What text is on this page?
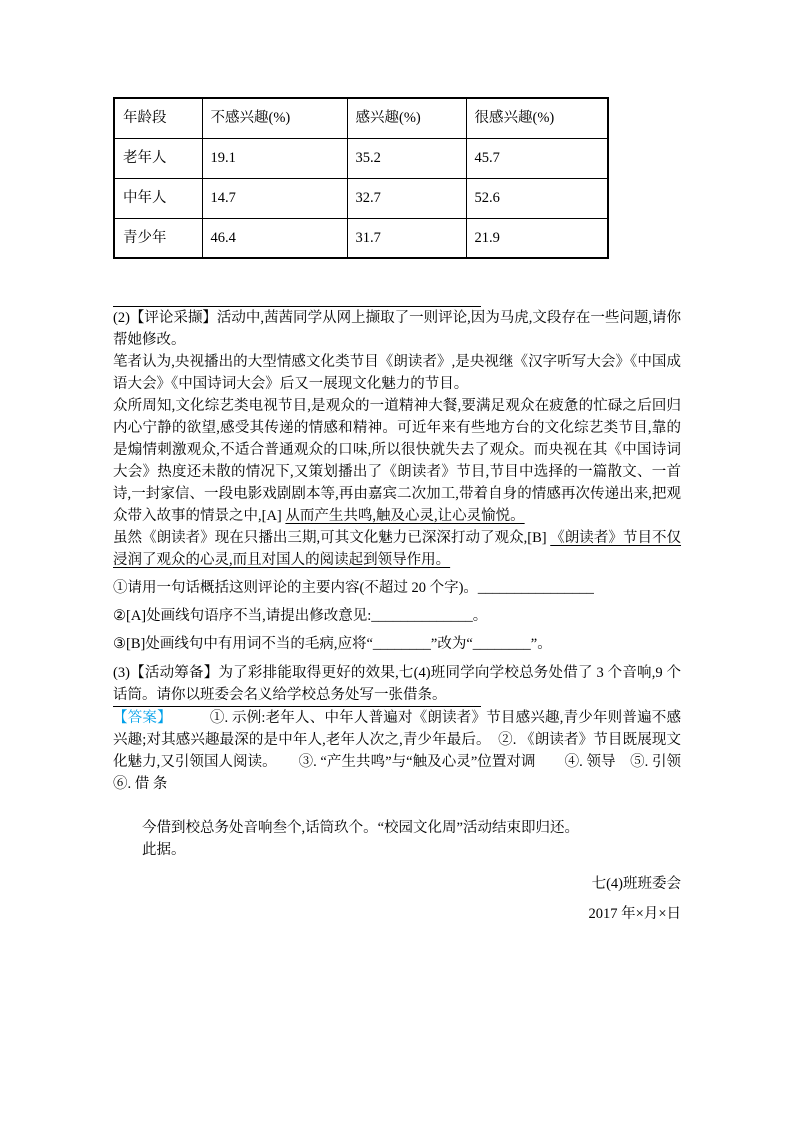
年龄段	不感兴趣(%)	感兴趣(%)	很感兴趣(%)
老年人	19.1	35.2	45.7
中年人	14.7	32.7	52.6
青少年	46.4	31.7	21.9

(2)【评论采撷】活动中,茜茜同学从网上撷取了一则评论,因为马虎,文段存在一些问题,请你帮她修改。

笔者认为,央视播出的大型情感文化类节目《朗读者》,是央视继《汉字听写大会》《中国成语大会》《中国诗词大会》后又一展现文化魅力的节目。

众所周知,文化综艺类电视节目,是观众的一道精神大餐,要满足观众在疲惫的忙碌之后回归内心宁静的欲望,感受其传递的情感和精神。可近年来有些地方台的文化综艺类节目,靠的是煽情刺激观众,不适合普通观众的口味,所以很快就失去了观众。而央视在其《中国诗词大会》热度还未散的情况下,又策划播出了《朗读者》节目,节目中选择的一篇散文、一首诗,一封家信、一段电影戏剧剧本等,再由嘉宾二次加工,带着自身的情感再次传递出来,把观众带入故事的情景之中,[A] 从而产生共鸣,触及心灵,让心灵愉悦。

虽然《朗读者》现在只播出三期,可其文化魅力已深深打动了观众,[B] 《朗读者》节目不仅浸润了观众的心灵,而且对国人的阅读起到领导作用。

①请用一句话概括这则评论的主要内容(不超过 20 个字)。________________

②[A]处画线句语序不当,请提出修改意见:______________。

③[B]处画线句中有用词不当的毛病,应将“________”改为“________”。

(3)【活动筹备】为了彩排能取得更好的效果,七(4)班同学向学校总务处借了 3 个音响,9 个话筒。请你以班委会名义给学校总务处写一张借条。

【答案】	①. 示例:老年人、中年人普遍对《朗读者》节目感兴趣,青少年则普遍不感兴趣;对其感兴趣最深的是中年人,老年人次之,青少年最后。　②. 《朗读者》节目既展现文化魅力,又引领国人阅读。　　③. “产生共鸣”与“触及心灵”位置对调　　④. 领导　⑤. 引领　⑥. 借 条

今借到校总务处音响叁个,话筒玖个。“校园文化周”活动结束即归还。

此据。

七(4)班班委会

2017 年×月×日
